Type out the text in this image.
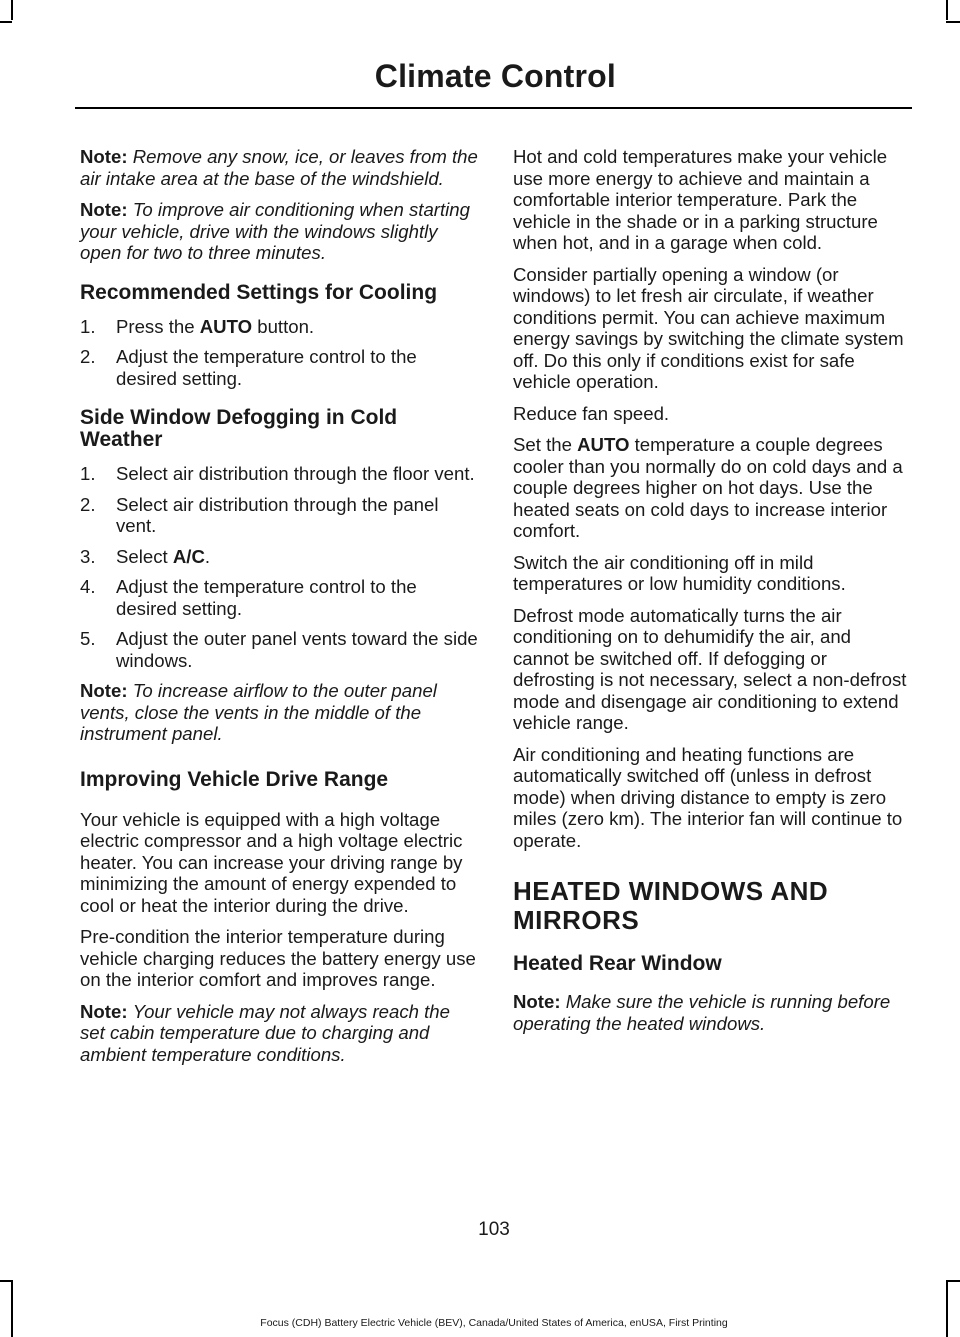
Climate Control

Note: Remove any snow, ice, or leaves from the air intake area at the base of the windshield.

Note: To improve air conditioning when starting your vehicle, drive with the windows slightly open for two to three minutes.

Recommended Settings for Cooling
1. Press the AUTO button.
2. Adjust the temperature control to the desired setting.
Side Window Defogging in Cold Weather
1. Select air distribution through the floor vent.
2. Select air distribution through the panel vent.
3. Select A/C.
4. Adjust the temperature control to the desired setting.
5. Adjust the outer panel vents toward the side windows.

Note: To increase airflow to the outer panel vents, close the vents in the middle of the instrument panel.

Improving Vehicle Drive Range

Your vehicle is equipped with a high voltage electric compressor and a high voltage electric heater. You can increase your driving range by minimizing the amount of energy expended to cool or heat the interior during the drive.

Pre-condition the interior temperature during vehicle charging reduces the battery energy use on the interior comfort and improves range.

Note: Your vehicle may not always reach the set cabin temperature due to charging and ambient temperature conditions.

Hot and cold temperatures make your vehicle use more energy to achieve and maintain a comfortable interior temperature. Park the vehicle in the shade or in a parking structure when hot, and in a garage when cold.

Consider partially opening a window (or windows) to let fresh air circulate, if weather conditions permit. You can achieve maximum energy savings by switching the climate system off. Do this only if conditions exist for safe vehicle operation.

Reduce fan speed.

Set the AUTO temperature a couple degrees cooler than you normally do on cold days and a couple degrees higher on hot days. Use the heated seats on cold days to increase interior comfort.

Switch the air conditioning off in mild temperatures or low humidity conditions.

Defrost mode automatically turns the air conditioning on to dehumidify the air, and cannot be switched off. If defogging or defrosting is not necessary, select a non-defrost mode and disengage air conditioning to extend vehicle range.

Air conditioning and heating functions are automatically switched off (unless in defrost mode) when driving distance to empty is zero miles (zero km). The interior fan will continue to operate.

HEATED WINDOWS AND
MIRRORS
Heated Rear Window

Note: Make sure the vehicle is running before operating the heated windows.

103
Focus (CDH) Battery Electric Vehicle (BEV), Canada/United States of America, enUSA, First Printing
